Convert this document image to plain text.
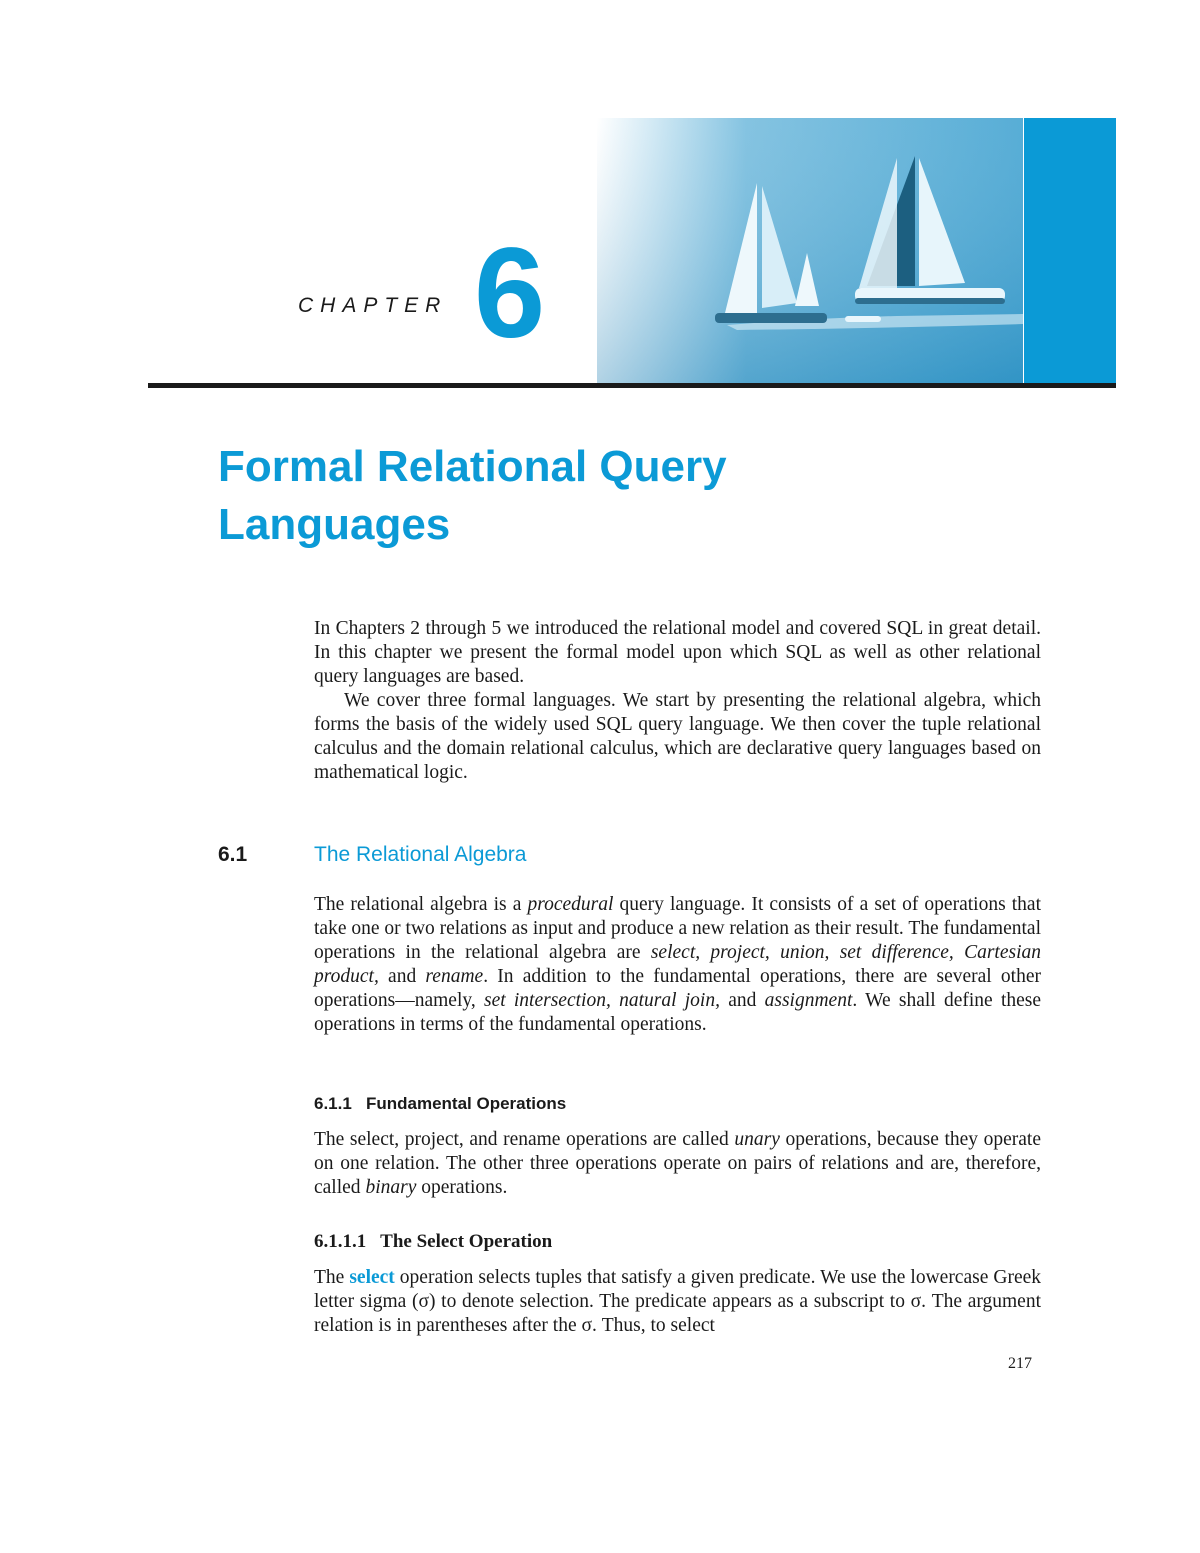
CHAPTER 6
Formal Relational Query
Languages

In Chapters 2 through 5 we introduced the relational model and covered SQL in great detail. In this chapter we present the formal model upon which SQL as well as other relational query languages are based.

We cover three formal languages. We start by presenting the relational algebra, which forms the basis of the widely used SQL query language. We then cover the tuple relational calculus and the domain relational calculus, which are declarative query languages based on mathematical logic.

6.1	The Relational Algebra

The relational algebra is a procedural query language. It consists of a set of operations that take one or two relations as input and produce a new relation as their result. The fundamental operations in the relational algebra are select, project, union, set difference, Cartesian product, and rename. In addition to the fundamental operations, there are several other operations—namely, set intersection, natural join, and assignment. We shall define these operations in terms of the fundamental operations.

6.1.1   Fundamental Operations

The select, project, and rename operations are called unary operations, because they operate on one relation. The other three operations operate on pairs of relations and are, therefore, called binary operations.

6.1.1.1   The Select Operation

The select operation selects tuples that satisfy a given predicate. We use the lowercase Greek letter sigma (σ) to denote selection. The predicate appears as a subscript to σ. The argument relation is in parentheses after the σ. Thus, to select

217
